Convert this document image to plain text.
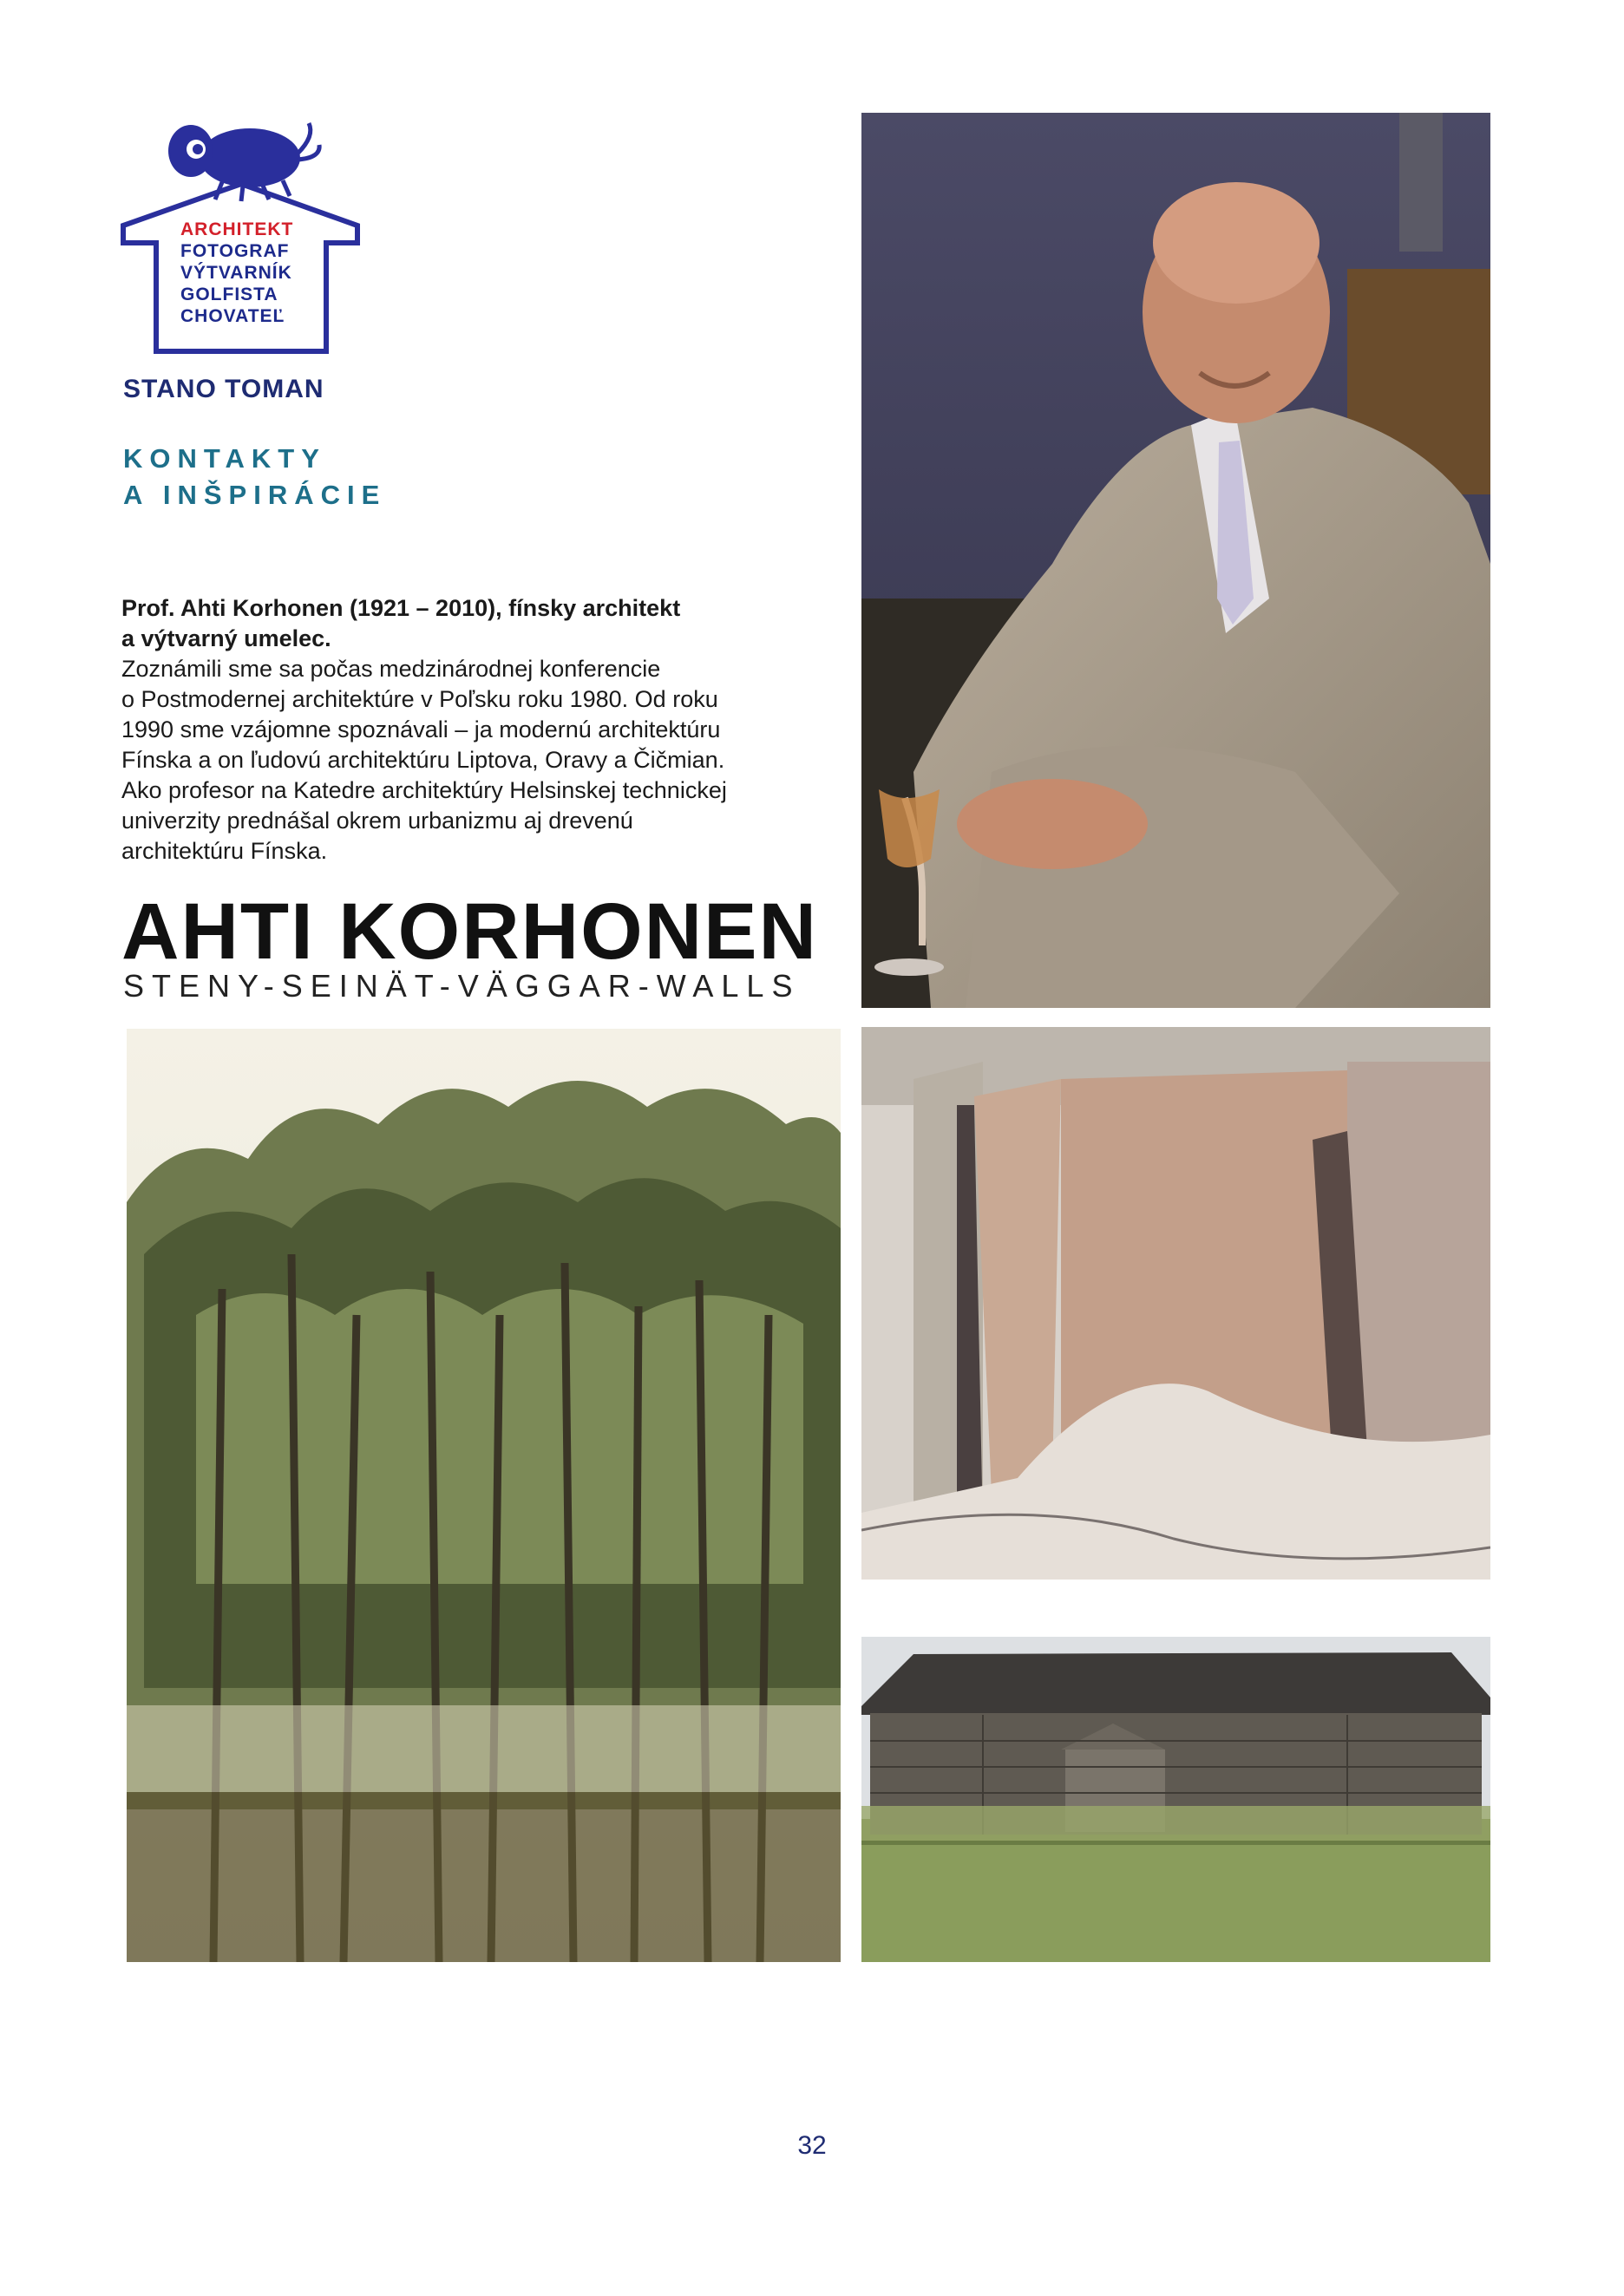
ARCHITEKT
FOTOGRAF
VÝTVARNÍK
GOLFISTA
CHOVATEĽ
STANO TOMAN
KONTAKTY
A INŠPIRÁCIE
Prof. Ahti Korhonen (1921 – 2010), fínsky architekt
a výtvarný umelec.
Zoznámili sme sa počas medzinárodnej konferencie
o Postmodernej architektúre v Poľsku roku 1980. Od roku
1990 sme vzájomne spoznávali – ja modernú architektúru
Fínska a on ľudovú architektúru Liptova, Oravy a Čičmian.
Ako profesor na Katedre architektúry Helsinskej technickej
univerzity prednášal okrem urbanizmu aj drevenú
architektúru Fínska.
AHTI KORHONEN
STENY-SEINÄT-VÄGGAR-WALLS
32
